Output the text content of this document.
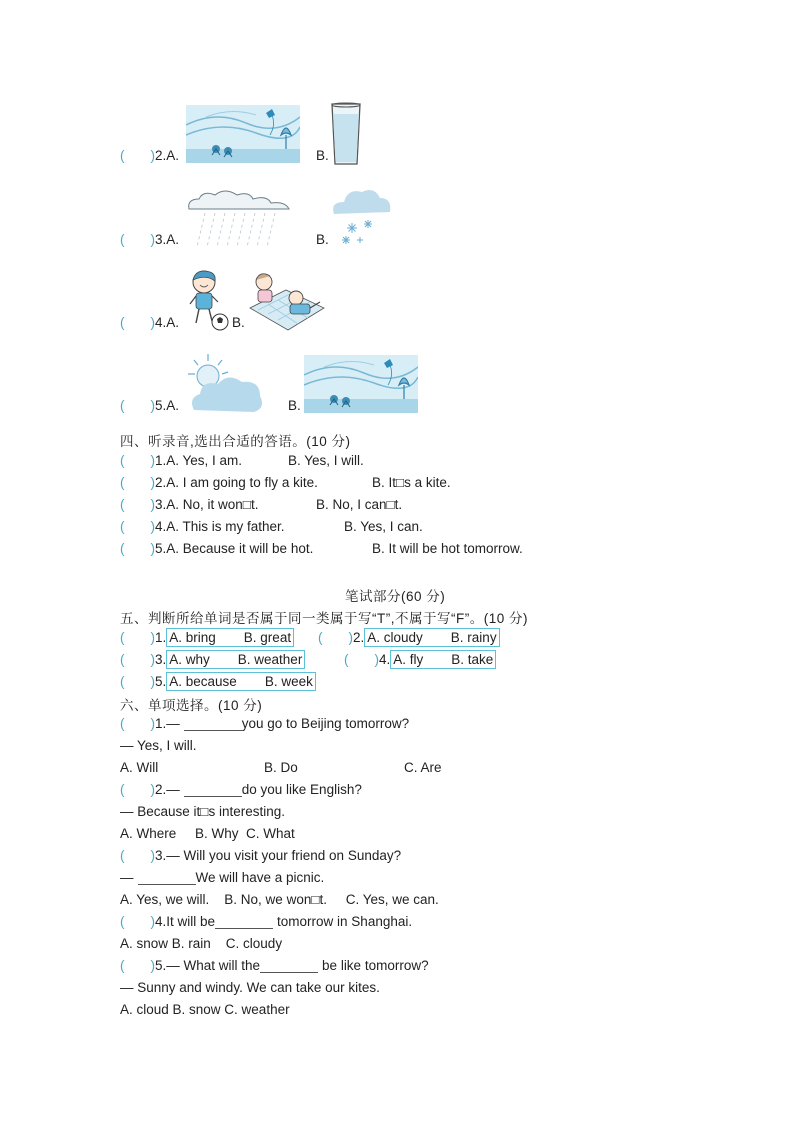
( )2.A.	B.
( )3.A.	B.
( )4.A.	B.
( )5.A.	B.
四、听录音,选出合适的答语。(10 分)
( )1.A. Yes, I am.	B. Yes, I will.
( )2.A. I am going to fly a kite.	B. It□s a kite.
( )3.A. No, it won□t.	B. No, I can□t.
( )4.A. This is my father.	B. Yes, I can.
( )5.A. Because it will be hot.	B. It will be hot tomorrow.
笔试部分(60 分)
五、判断所给单词是否属于同一类属于写“T”,不属于写“F”。(10 分)
( )1. A. bring B. great ( )2. A. cloudy B. rainy
( )3. A. why B. weather	( )4. A. fly B. take
( )5. A. because B. week
六、单项选择。(10 分)
( )1.—	you go to Beijing tomorrow?
— Yes, I will.
A. Will	B. Do	C. Are
( )2.—	do you like English?
— Because it□s interesting.
A. Where     B. Why  C. What
( )3.— Will you visit your friend on Sunday?
—	We will have a picnic.
A. Yes, we will.    B. No, we won□t.     C. Yes, we can.
( )4.It will be	tomorrow in Shanghai.
A. snow B. rain    C. cloudy
( )5.— What will the	be like tomorrow?
— Sunny and windy. We can take our kites.
A. cloud B. snow C. weather
